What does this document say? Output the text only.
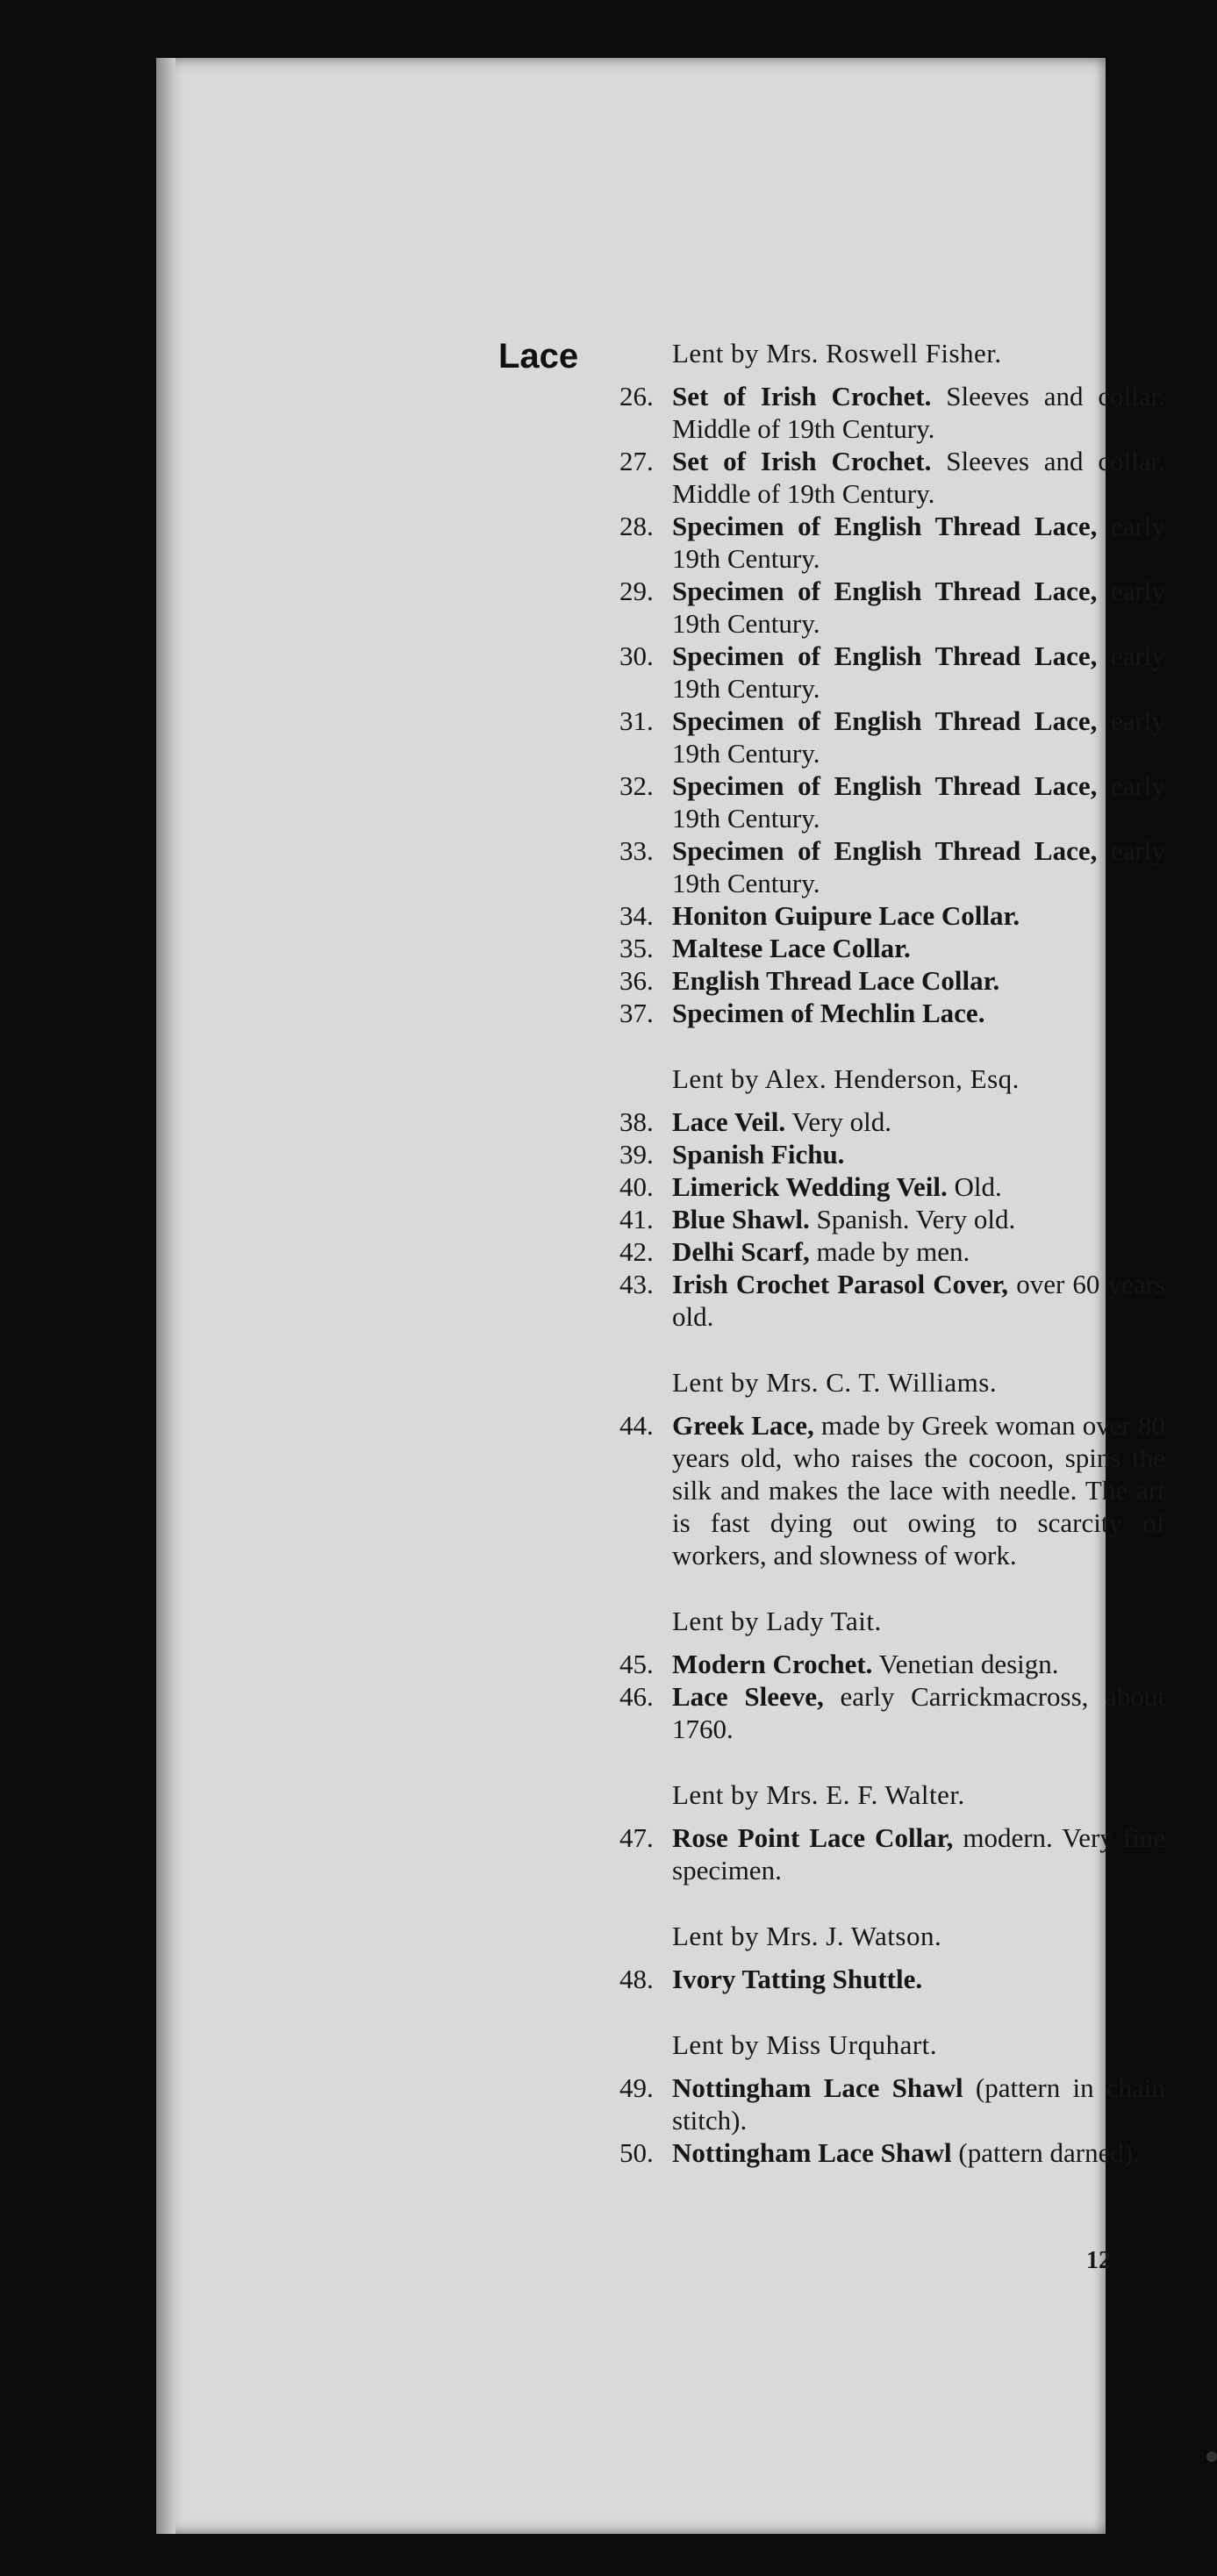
Lace	Lent by Mrs. Roswell Fisher.

26. Set of Irish Crochet. Sleeves and collar. Middle of 19th Century.

27. Set of Irish Crochet. Sleeves and collar. Middle of 19th Century.

28. Specimen of English Thread Lace, early 19th Century.

29. Specimen of English Thread Lace, early 19th Century.

30. Specimen of English Thread Lace, early 19th Century.

31. Specimen of English Thread Lace, early 19th Century.

32. Specimen of English Thread Lace, early 19th Century.

33. Specimen of English Thread Lace, early 19th Century.

34. Honiton Guipure Lace Collar.

35. Maltese Lace Collar.

36. English Thread Lace Collar.

37. Specimen of Mechlin Lace.

Lent by Alex. Henderson, Esq.

38. Lace Veil. Very old.

39. Spanish Fichu.

40. Limerick Wedding Veil. Old.

41. Blue Shawl. Spanish. Very old.

42. Delhi Scarf, made by men.

43. Irish Crochet Parasol Cover, over 60 years old.

Lent by Mrs. C. T. Williams.

44. Greek Lace, made by Greek woman over 80 years old, who raises the cocoon, spins the silk and makes the lace with needle. The art is fast dying out owing to scarcity of workers, and slowness of work.

Lent by Lady Tait.

45. Modern Crochet. Venetian design.

46. Lace Sleeve, early Carrickmacross, about 1760.

Lent by Mrs. E. F. Walter.

47. Rose Point Lace Collar, modern. Very fine specimen.

Lent by Mrs. J. Watson.

48. Ivory Tatting Shuttle.

Lent by Miss Urquhart.

49. Nottingham Lace Shawl (pattern in chain stitch).

50. Nottingham Lace Shawl (pattern darned).

12
